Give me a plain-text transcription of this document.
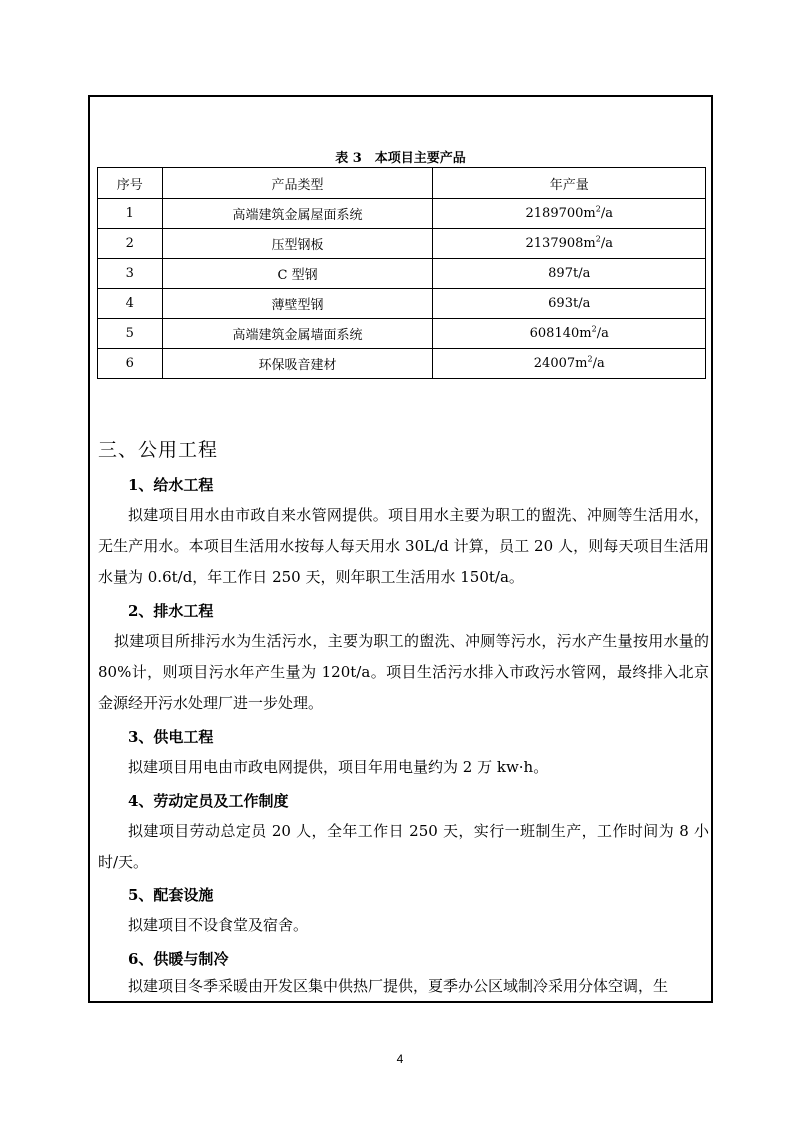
表 3　本项目主要产品
序号	产品类型	年产量
1	高端建筑金属屋面系统	$2189700m^2/a$
2	压型钢板	$2137908m^2/a$
3	C 型钢	897t/a
4	薄壁型钢	693t/a
5	高端建筑金属墙面系统	$608140m^2/a$
6	环保吸音建材	$24007m^2/a$
三、公用工程
1、给水工程
拟建项目用水由市政自来水管网提供。项目用水主要为职工的盥洗、冲厕等生活用水，无生产用水。本项目生活用水按每人每天用水 30L/d 计算，员工 20 人，则每天项目生活用水量为 0.6t/d，年工作日 250 天，则年职工生活用水 150t/a。
2、排水工程
拟建项目所排污水为生活污水，主要为职工的盥洗、冲厕等污水，污水产生量按用水量的 80%计，则项目污水年产生量为 120t/a。项目生活污水排入市政污水管网，最终排入北京金源经开污水处理厂进一步处理。
3、供电工程
拟建项目用电由市政电网提供，项目年用电量约为 2 万 kw·h。
4、劳动定员及工作制度
拟建项目劳动总定员 20 人，全年工作日 250 天，实行一班制生产，工作时间为 8 小时/天。
5、配套设施
拟建项目不设食堂及宿舍。
6、供暖与制冷
拟建项目冬季采暖由开发区集中供热厂提供，夏季办公区域制冷采用分体空调，生
4
